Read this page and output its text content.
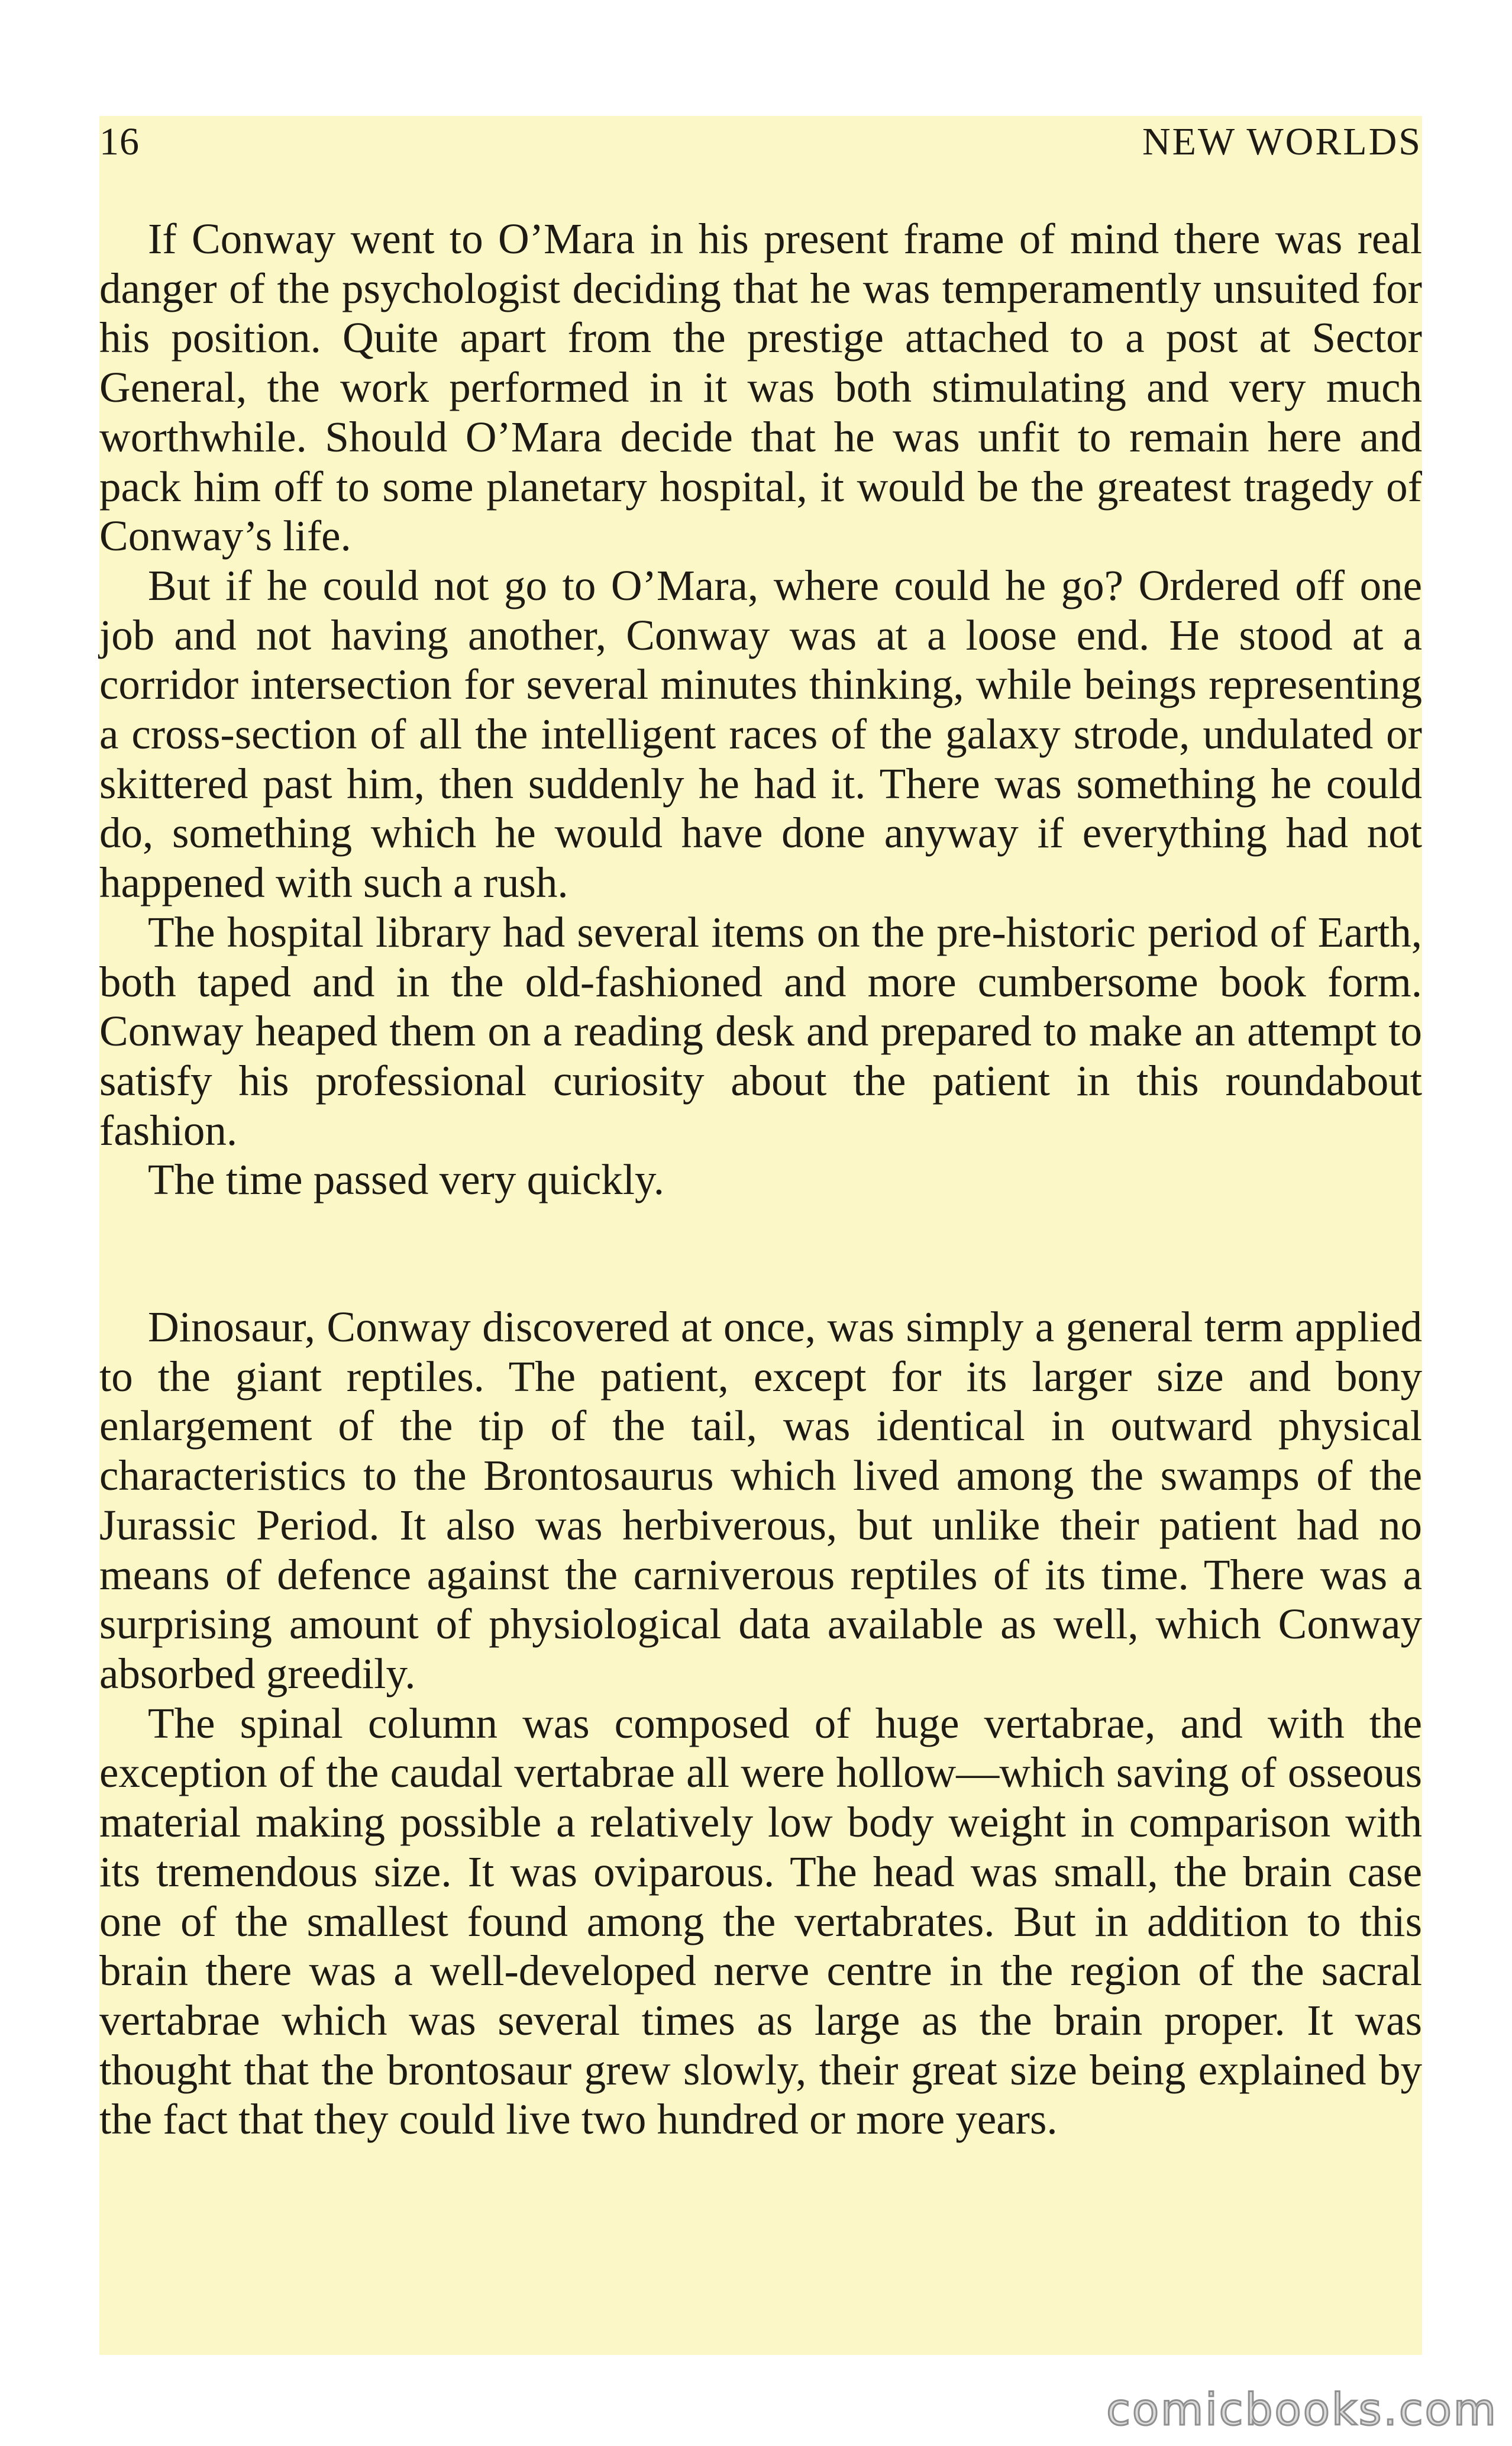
16	NEW WORLDS

If Conway went to O’Mara in his present frame of mind there was real danger of the psychologist deciding that he was temperamently unsuited for his position. Quite apart from the prestige attached to a post at Sector General, the work performed in it was both stimulating and very much worthwhile. Should O’Mara decide that he was unfit to remain here and pack him off to some planetary hospital, it would be the greatest tragedy of Conway’s life.

But if he could not go to O’Mara, where could he go? Ordered off one job and not having another, Conway was at a loose end. He stood at a corridor intersection for several minutes thinking, while beings representing a cross-section of all the intelligent races of the galaxy strode, undulated or skittered past him, then suddenly he had it. There was something he could do, something which he would have done anyway if everything had not happened with such a rush.

The hospital library had several items on the pre-historic period of Earth, both taped and in the old-fashioned and more cumbersome book form. Conway heaped them on a reading desk and prepared to make an attempt to satisfy his professional curiosity about the patient in this roundabout fashion.

The time passed very quickly.

Dinosaur, Conway discovered at once, was simply a general term applied to the giant reptiles. The patient, except for its larger size and bony enlargement of the tip of the tail, was identical in outward physical characteristics to the Brontosaurus which lived among the swamps of the Jurassic Period. It also was herbiverous, but unlike their patient had no means of defence against the carniverous reptiles of its time. There was a surprising amount of physiological data available as well, which Conway absorbed greedily.

The spinal column was composed of huge vertabrae, and with the exception of the caudal vertabrae all were hollow—which saving of osseous material making possible a relatively low body weight in comparison with its tremendous size. It was oviparous. The head was small, the brain case one of the smallest found among the vertabrates. But in addition to this brain there was a well-developed nerve centre in the region of the sacral vertabrae which was several times as large as the brain proper. It was thought that the brontosaur grew slowly, their great size being explained by the fact that they could live two hundred or more years.

comicbooks.com
